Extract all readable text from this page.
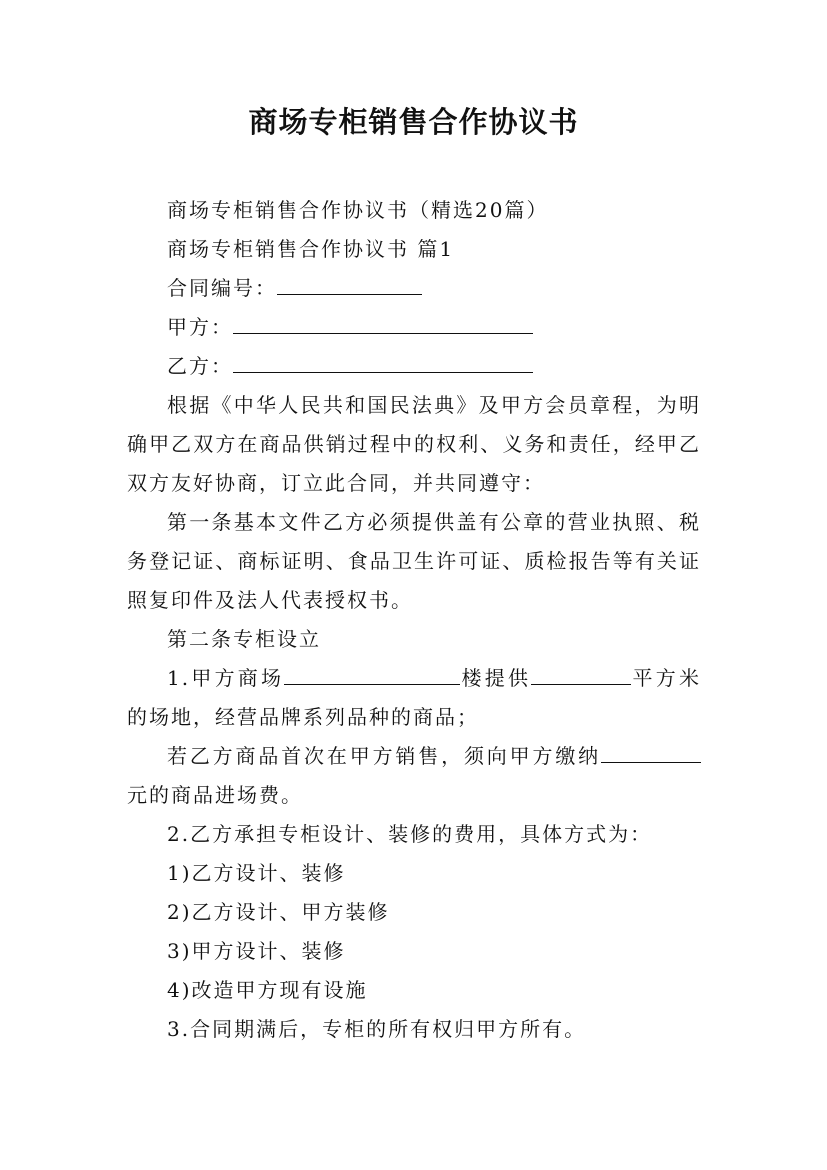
商场专柜销售合作协议书

商场专柜销售合作协议书（精选20篇）

商场专柜销售合作协议书 篇1

合同编号：

甲方：

乙方：

根据《中华人民共和国民法典》及甲方会员章程，为明确甲乙双方在商品供销过程中的权利、义务和责任，经甲乙双方友好协商，订立此合同，并共同遵守：

第一条基本文件乙方必须提供盖有公章的营业执照、税务登记证、商标证明、食品卫生许可证、质检报告等有关证照复印件及法人代表授权书。

第二条专柜设立

1.甲方商场	楼提供	平方米的场地，经营品牌系列品种的商品；

若乙方商品首次在甲方销售，须向甲方缴纳元的商品进场费。

2.乙方承担专柜设计、装修的费用，具体方式为：

1)乙方设计、装修

2)乙方设计、甲方装修

3)甲方设计、装修

4)改造甲方现有设施

3.合同期满后，专柜的所有权归甲方所有。
